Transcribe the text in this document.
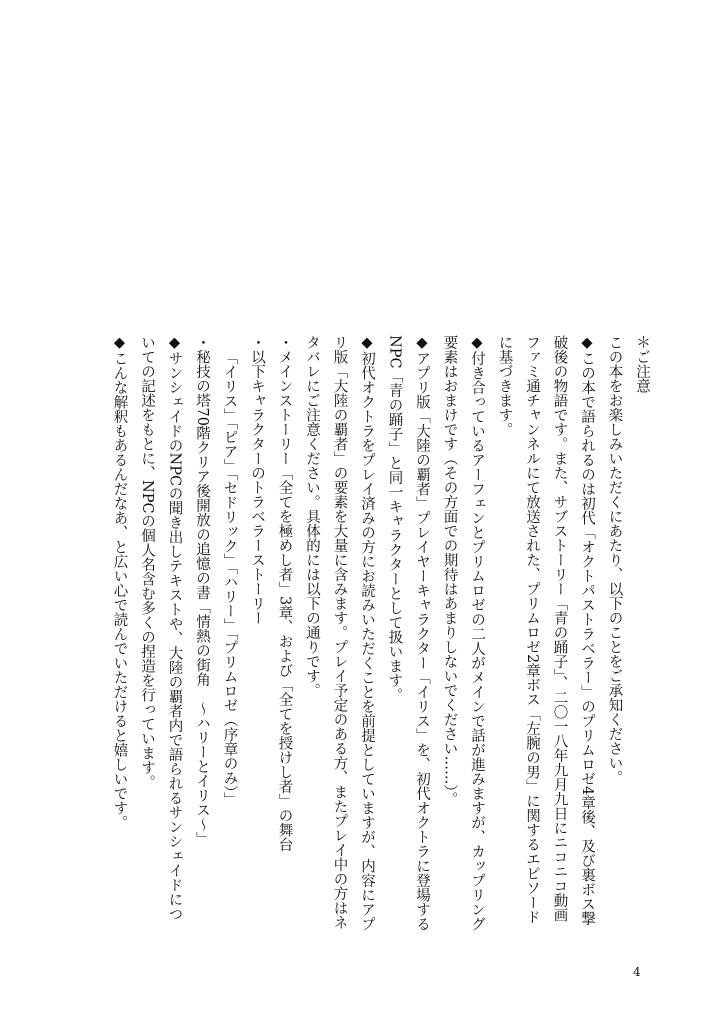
＊ご注意

この本をお楽しみいただくにあたり、以下のことをご承知ください。

◆この本で語られるのは初代「オクトパストラベラー」のプリムロゼ4章後、及び裏ボス撃破後の物語です。また、サブストーリー「青の踊子」、二〇一八年九月九日にニコニコ動画ファミ通チャンネルにて放送された、プリムロゼ2章ボス「左腕の男」に関するエピソードに基づきます。

◆付き合っているアーフェンとプリムロゼの二人がメインで話が進みますが、カップリング要素はおまけです（その方面での期待はあまりしないでください……）。

◆アプリ版「大陸の覇者」プレイヤーキャラクター「イリス」を、初代オクトラに登場するNPC「青の踊子」と同一キャラクターとして扱います。

◆初代オクトラをプレイ済みの方にお読みいただくことを前提としていますが、内容にアプリ版「大陸の覇者」の要素を大量に含みます。プレイ予定のある方、またプレイ中の方はネタバレにご注意ください。具体的には以下の通りです。

・メインストーリー「全てを極めし者」3章、および「全てを授けし者」の舞台

・以下キャラクターのトラベラーストーリー

「イリス」「ピア」「セドリック」「ハリー」「プリムロゼ（序章のみ）」

・秘技の塔70階クリア後開放の追憶の書「情熱の街角　～ハリーとイリス～」

◆サンシェイドのNPCの聞き出しテキストや、大陸の覇者内で語られるサンシェイドについての記述をもとに、NPCの個人名含む多くの捏造を行っています。

◆こんな解釈もあるんだなあ、と広い心で読んでいただけると嬉しいです。

4
